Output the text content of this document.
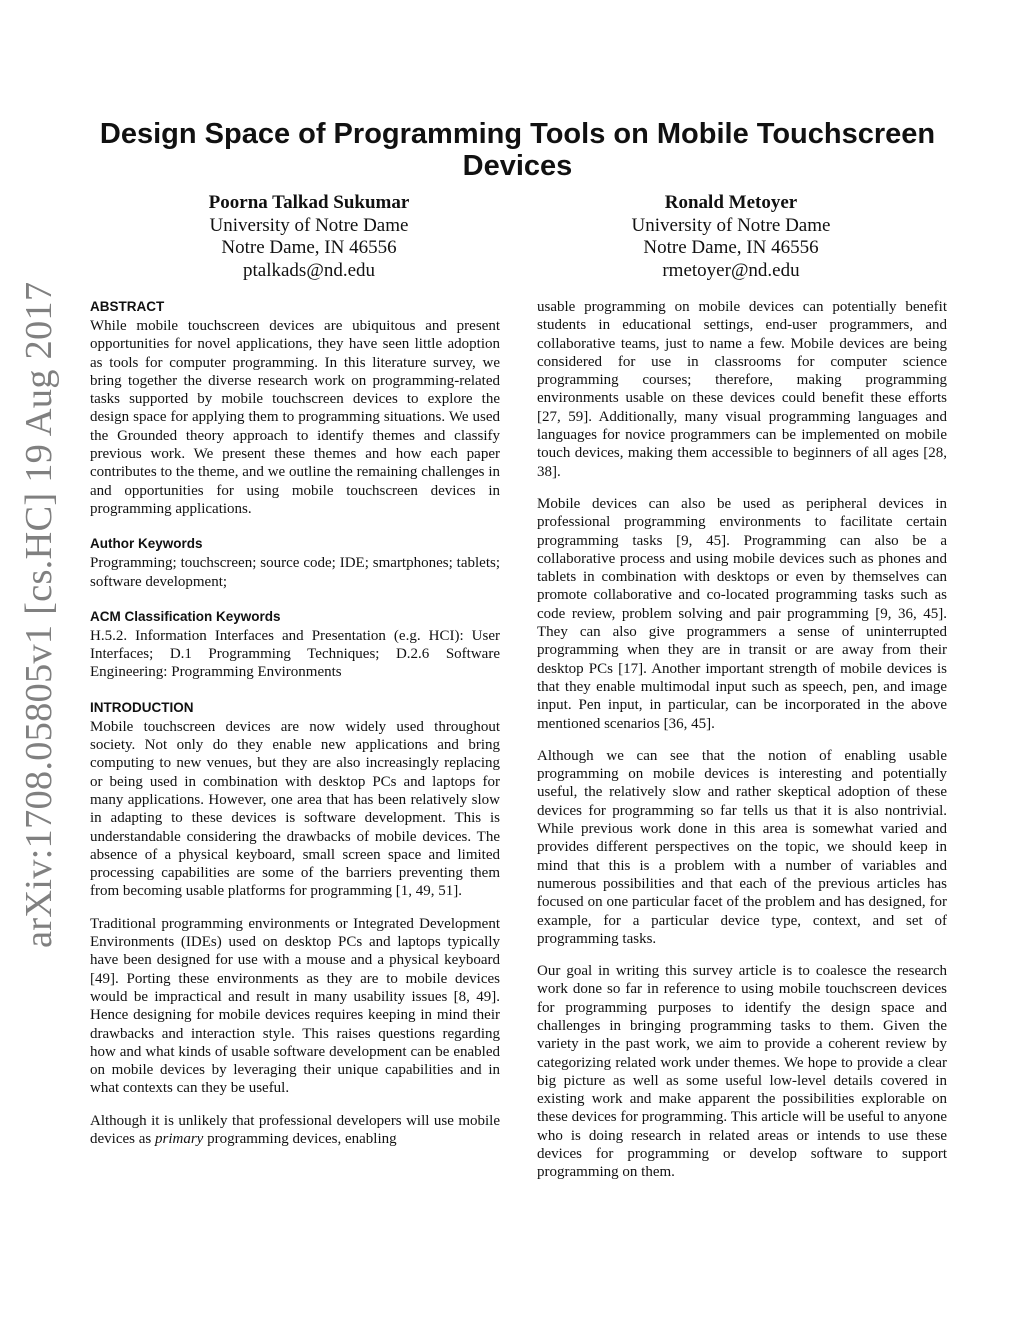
arXiv:1708.05805v1 [cs.HC] 19 Aug 2017
Design Space of Programming Tools on Mobile Touchscreen Devices
Poorna Talkad Sukumar
University of Notre Dame
Notre Dame, IN 46556
ptalkads@nd.edu
Ronald Metoyer
University of Notre Dame
Notre Dame, IN 46556
rmetoyer@nd.edu
ABSTRACT

While mobile touchscreen devices are ubiquitous and present opportunities for novel applications, they have seen little adoption as tools for computer programming. In this literature survey, we bring together the diverse research work on programming-related tasks supported by mobile touchscreen devices to explore the design space for applying them to programming situations. We used the Grounded theory approach to identify themes and classify previous work. We present these themes and how each paper contributes to the theme, and we outline the remaining challenges in and opportunities for using mobile touchscreen devices in programming applications.

Author Keywords

Programming; touchscreen; source code; IDE; smartphones; tablets; software development;

ACM Classification Keywords

H.5.2. Information Interfaces and Presentation (e.g. HCI): User Interfaces; D.1 Programming Techniques; D.2.6 Software Engineering: Programming Environments

INTRODUCTION

Mobile touchscreen devices are now widely used throughout society. Not only do they enable new applications and bring computing to new venues, but they are also increasingly replacing or being used in combination with desktop PCs and laptops for many applications. However, one area that has been relatively slow in adapting to these devices is software development. This is understandable considering the drawbacks of mobile devices. The absence of a physical keyboard, small screen space and limited processing capabilities are some of the barriers preventing them from becoming usable platforms for programming [1, 49, 51].

Traditional programming environments or Integrated Development Environments (IDEs) used on desktop PCs and laptops typically have been designed for use with a mouse and a physical keyboard [49]. Porting these environments as they are to mobile devices would be impractical and result in many usability issues [8, 49]. Hence designing for mobile devices requires keeping in mind their drawbacks and interaction style. This raises questions regarding how and what kinds of usable software development can be enabled on mobile devices by leveraging their unique capabilities and in what contexts can they be useful.

Although it is unlikely that professional developers will use mobile devices as primary programming devices, enabling

usable programming on mobile devices can potentially benefit students in educational settings, end-user programmers, and collaborative teams, just to name a few. Mobile devices are being considered for use in classrooms for computer science programming courses; therefore, making programming environments usable on these devices could benefit these efforts [27, 59]. Additionally, many visual programming languages and languages for novice programmers can be implemented on mobile touch devices, making them accessible to beginners of all ages [28, 38].

Mobile devices can also be used as peripheral devices in professional programming environments to facilitate certain programming tasks [9, 45]. Programming can also be a collaborative process and using mobile devices such as phones and tablets in combination with desktops or even by themselves can promote collaborative and co-located programming tasks such as code review, problem solving and pair programming [9, 36, 45]. They can also give programmers a sense of uninterrupted programming when they are in transit or are away from their desktop PCs [17]. Another important strength of mobile devices is that they enable multimodal input such as speech, pen, and image input. Pen input, in particular, can be incorporated in the above mentioned scenarios [36, 45].

Although we can see that the notion of enabling usable programming on mobile devices is interesting and potentially useful, the relatively slow and rather skeptical adoption of these devices for programming so far tells us that it is also nontrivial. While previous work done in this area is somewhat varied and provides different perspectives on the topic, we should keep in mind that this is a problem with a number of variables and numerous possibilities and that each of the previous articles has focused on one particular facet of the problem and has designed, for example, for a particular device type, context, and set of programming tasks.

Our goal in writing this survey article is to coalesce the research work done so far in reference to using mobile touchscreen devices for programming purposes to identify the design space and challenges in bringing programming tasks to them. Given the variety in the past work, we aim to provide a coherent review by categorizing related work under themes. We hope to provide a clear big picture as well as some useful low-level details covered in existing work and make apparent the possibilities explorable on these devices for programming. This article will be useful to anyone who is doing research in related areas or intends to use these devices for programming or develop software to support programming on them.
